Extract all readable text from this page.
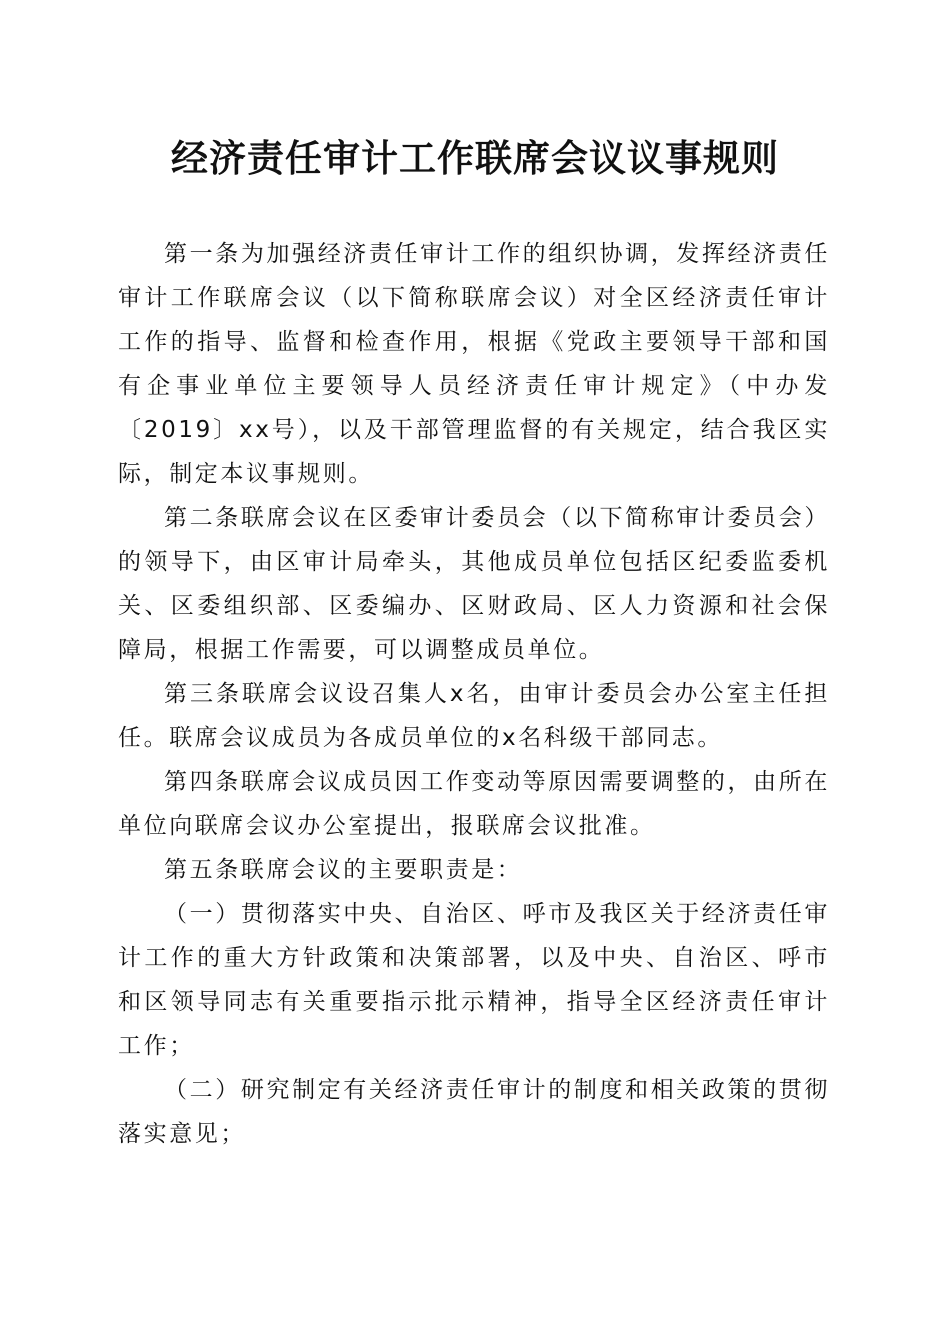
经济责任审计工作联席会议议事规则

第一条为加强经济责任审计工作的组织协调，发挥经济责任审计工作联席会议（以下简称联席会议）对全区经济责任审计工作的指导、监督和检查作用，根据《党政主要领导干部和国有企事业单位主要领导人员经济责任审计规定》（中办发〔2019〕xx号），以及干部管理监督的有关规定，结合我区实际，制定本议事规则。

第二条联席会议在区委审计委员会（以下简称审计委员会）的领导下，由区审计局牵头，其他成员单位包括区纪委监委机关、区委组织部、区委编办、区财政局、区人力资源和社会保障局，根据工作需要，可以调整成员单位。

第三条联席会议设召集人x名，由审计委员会办公室主任担任。联席会议成员为各成员单位的x名科级干部同志。

第四条联席会议成员因工作变动等原因需要调整的，由所在单位向联席会议办公室提出，报联席会议批准。

第五条联席会议的主要职责是：

（一）贯彻落实中央、自治区、呼市及我区关于经济责任审计工作的重大方针政策和决策部署，以及中央、自治区、呼市和区领导同志有关重要指示批示精神，指导全区经济责任审计工作；

（二）研究制定有关经济责任审计的制度和相关政策的贯彻落实意见；
